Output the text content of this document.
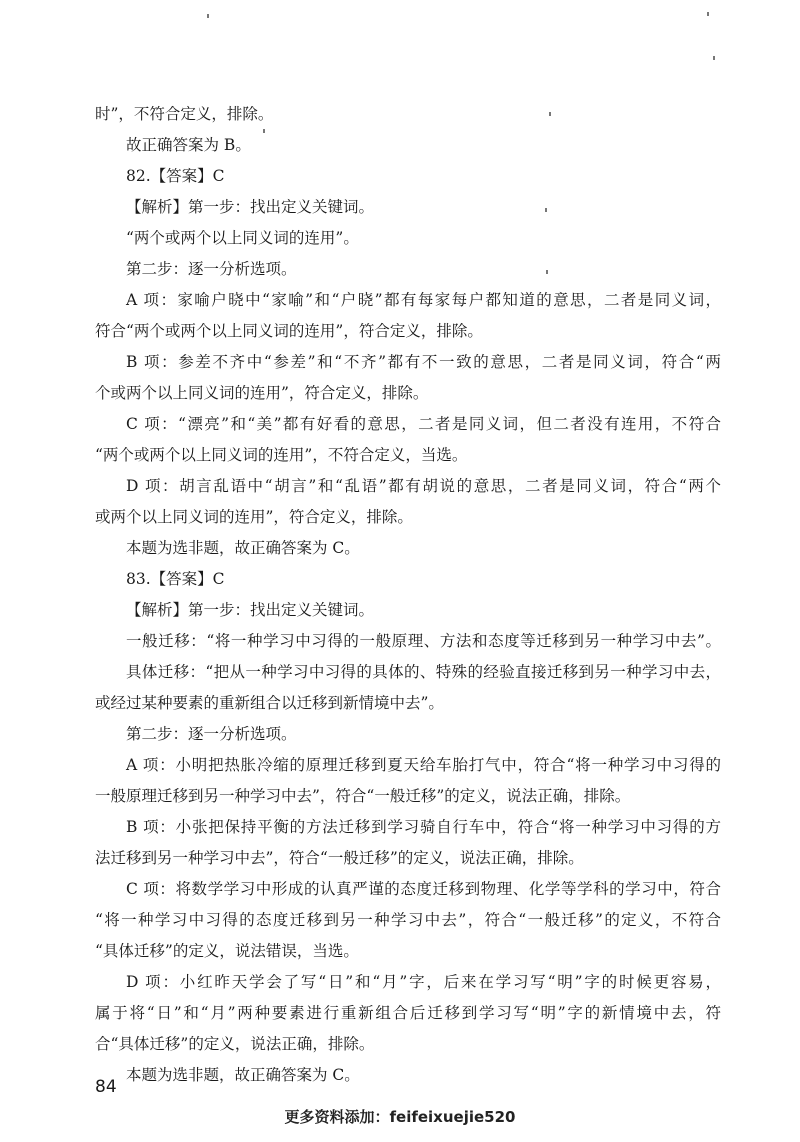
时”，不符合定义，排除。
故正确答案为 B。
82.【答案】C
【解析】第一步：找出定义关键词。
“两个或两个以上同义词的连用”。
第二步：逐一分析选项。
A 项：家喻户晓中“家喻”和“户晓”都有每家每户都知道的意思，二者是同义词，
符合“两个或两个以上同义词的连用”，符合定义，排除。
B 项：参差不齐中“参差”和“不齐”都有不一致的意思，二者是同义词，符合“两
个或两个以上同义词的连用”，符合定义，排除。
C 项：“漂亮”和“美”都有好看的意思，二者是同义词，但二者没有连用，不符合
“两个或两个以上同义词的连用”，不符合定义，当选。
D 项：胡言乱语中“胡言”和“乱语”都有胡说的意思，二者是同义词，符合“两个
或两个以上同义词的连用”，符合定义，排除。
本题为选非题，故正确答案为 C。
83.【答案】C
【解析】第一步：找出定义关键词。
一般迁移：“将一种学习中习得的一般原理、方法和态度等迁移到另一种学习中去”。
具体迁移：“把从一种学习中习得的具体的、特殊的经验直接迁移到另一种学习中去，
或经过某种要素的重新组合以迁移到新情境中去”。
第二步：逐一分析选项。
A 项：小明把热胀冷缩的原理迁移到夏天给车胎打气中，符合“将一种学习中习得的
一般原理迁移到另一种学习中去”，符合“一般迁移”的定义，说法正确，排除。
B 项：小张把保持平衡的方法迁移到学习骑自行车中，符合“将一种学习中习得的方
法迁移到另一种学习中去”，符合“一般迁移”的定义，说法正确，排除。
C 项：将数学学习中形成的认真严谨的态度迁移到物理、化学等学科的学习中，符合
“将一种学习中习得的态度迁移到另一种学习中去”，符合“一般迁移”的定义，不符合
“具体迁移”的定义，说法错误，当选。
D 项：小红昨天学会了写“日”和“月”字，后来在学习写“明”字的时候更容易，
属于将“日”和“月”两种要素进行重新组合后迁移到学习写“明”字的新情境中去，符
合“具体迁移”的定义，说法正确，排除。
本题为选非题，故正确答案为 C。
84
更多资料添加：feifeixuejie520
